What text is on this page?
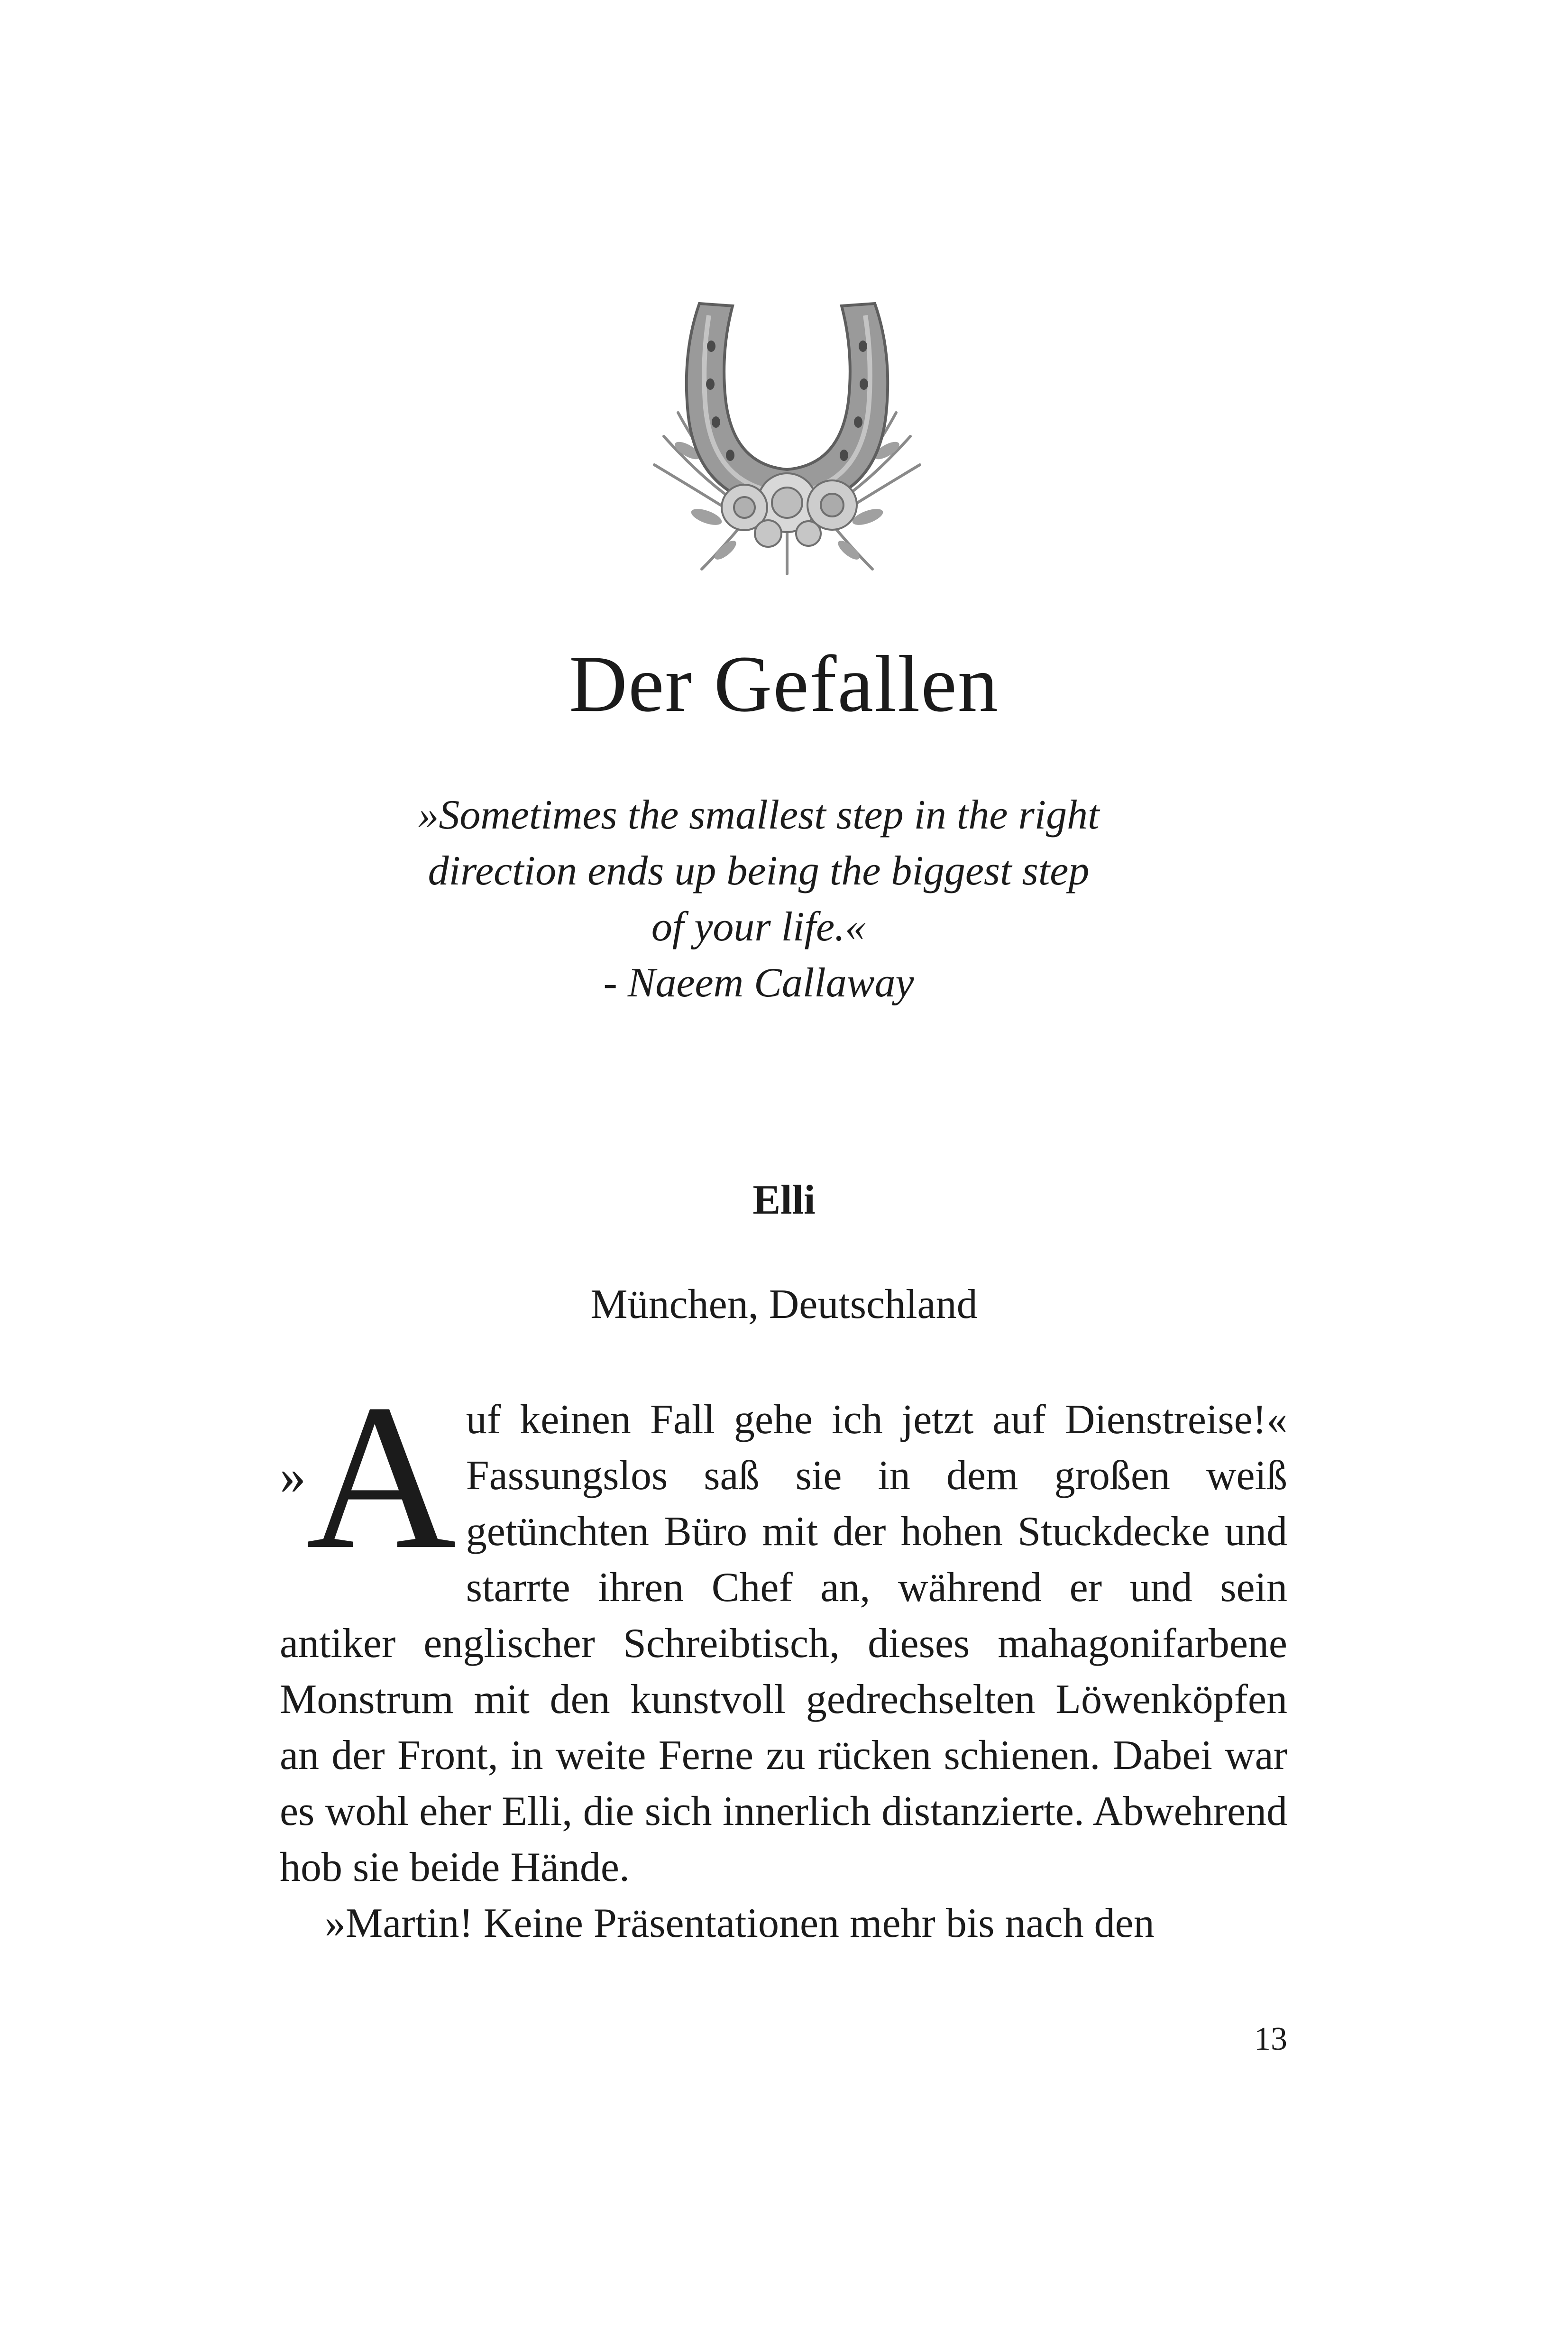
Der Gefallen
»Sometimes the smallest step in the right
direction ends up being the biggest step
of your life.«
- Naeem Callaway
Elli
München, Deutschland

» A uf keinen Fall gehe ich jetzt auf Dienstreise!« Fassungslos saß sie in dem großen weiß getünchten Büro mit der hohen Stuckdecke und starrte ihren Chef an, während er und sein antiker englischer Schreibtisch, dieses mahagonifarbene Monstrum mit den kunstvoll gedrechselten Löwenköpfen an der Front, in weite Ferne zu rücken schienen. Dabei war es wohl eher Elli, die sich innerlich distanzierte. Abwehrend hob sie beide Hände.

»Martin! Keine Präsentationen mehr bis nach den

13
